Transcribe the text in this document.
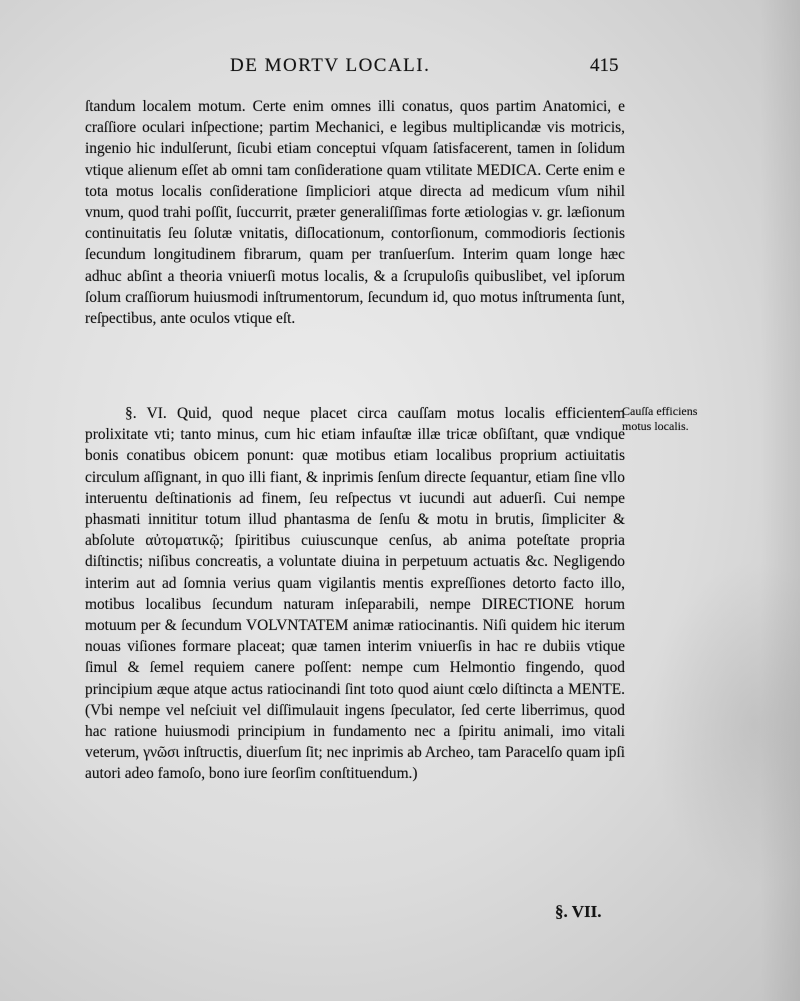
DE MORTV LOCALI.	415

ſtandum localem motum. Certe enim omnes illi conatus, quos partim Anatomici, e craſſiore oculari inſpectione; partim Mechanici, e legibus multiplicandæ vis motricis, ingenio hic indulſerunt, ſicubi etiam conceptui vſquam ſatisfacerent, tamen in ſolidum vtique alienum eſſet ab omni tam conſideratione quam vtilitate MEDICA. Certe enim e tota motus localis conſideratione ſimpliciori atque directa ad medicum vſum nihil vnum, quod trahi poſſit, ſuccurrit, præter generaliſſimas forte ætiologias v. gr. læſionum continuitatis ſeu ſolutæ vnitatis, diſlocationum, contorſionum, commodioris ſectionis ſecundum longitudinem fibrarum, quam per tranſuerſum. Interim quam longe hæc adhuc abſint a theoria vniuerſi motus localis, & a ſcrupuloſis quibuslibet, vel ipſorum ſolum craſſiorum huiusmodi inſtrumentorum, ſecundum id, quo motus inſtrumenta ſunt, reſpectibus, ante oculos vtique eſt.

§. VI. Quid, quod neque placet circa cauſſam motus localis efficientem prolixitate vti; tanto minus, cum hic etiam infauſtæ illæ tricæ obſiſtant, quæ vndique bonis conatibus obicem ponunt: quæ motibus etiam localibus proprium actiuitatis circulum aſſignant, in quo illi fiant, & inprimis ſenſum directe ſequantur, etiam ſine vllo interuentu deſtinationis ad finem, ſeu reſpectus vt iucundi aut aduerſi. Cui nempe phasmati innititur totum illud phantasma de ſenſu & motu in brutis, ſimpliciter & abſolute αὐτοματικῷ; ſpiritibus cuiuscunque cenſus, ab anima poteſtate propria diſtinctis; niſibus concreatis, a voluntate diuina in perpetuum actuatis &c. Negligendo interim aut ad ſomnia verius quam vigilantis mentis expreſſiones detorto facto illo, motibus localibus ſecundum naturam inſeparabili, nempe DIRECTIONE horum motuum per & ſecundum VOLVNTATEM animæ ratiocinantis. Niſi quidem hic iterum nouas viſiones formare placeat; quæ tamen interim vniuerſis in hac re dubiis vtique ſimul & ſemel requiem canere poſſent: nempe cum Helmontio fingendo, quod principium æque atque actus ratiocinandi ſint toto quod aiunt cœlo diſtincta a MENTE. (Vbi nempe vel neſciuit vel diſſimulauit ingens ſpeculator, ſed certe liberrimus, quod hac ratione huiusmodi principium in fundamento nec a ſpiritu animali, imo vitali veterum, γνῶσι inſtructis, diuerſum ſit; nec inprimis ab Archeo, tam Paracelſo quam ipſi autori adeo famoſo, bono iure ſeorſim conſtituendum.)

Cauſſa efficiens motus localis.
§. VII.
